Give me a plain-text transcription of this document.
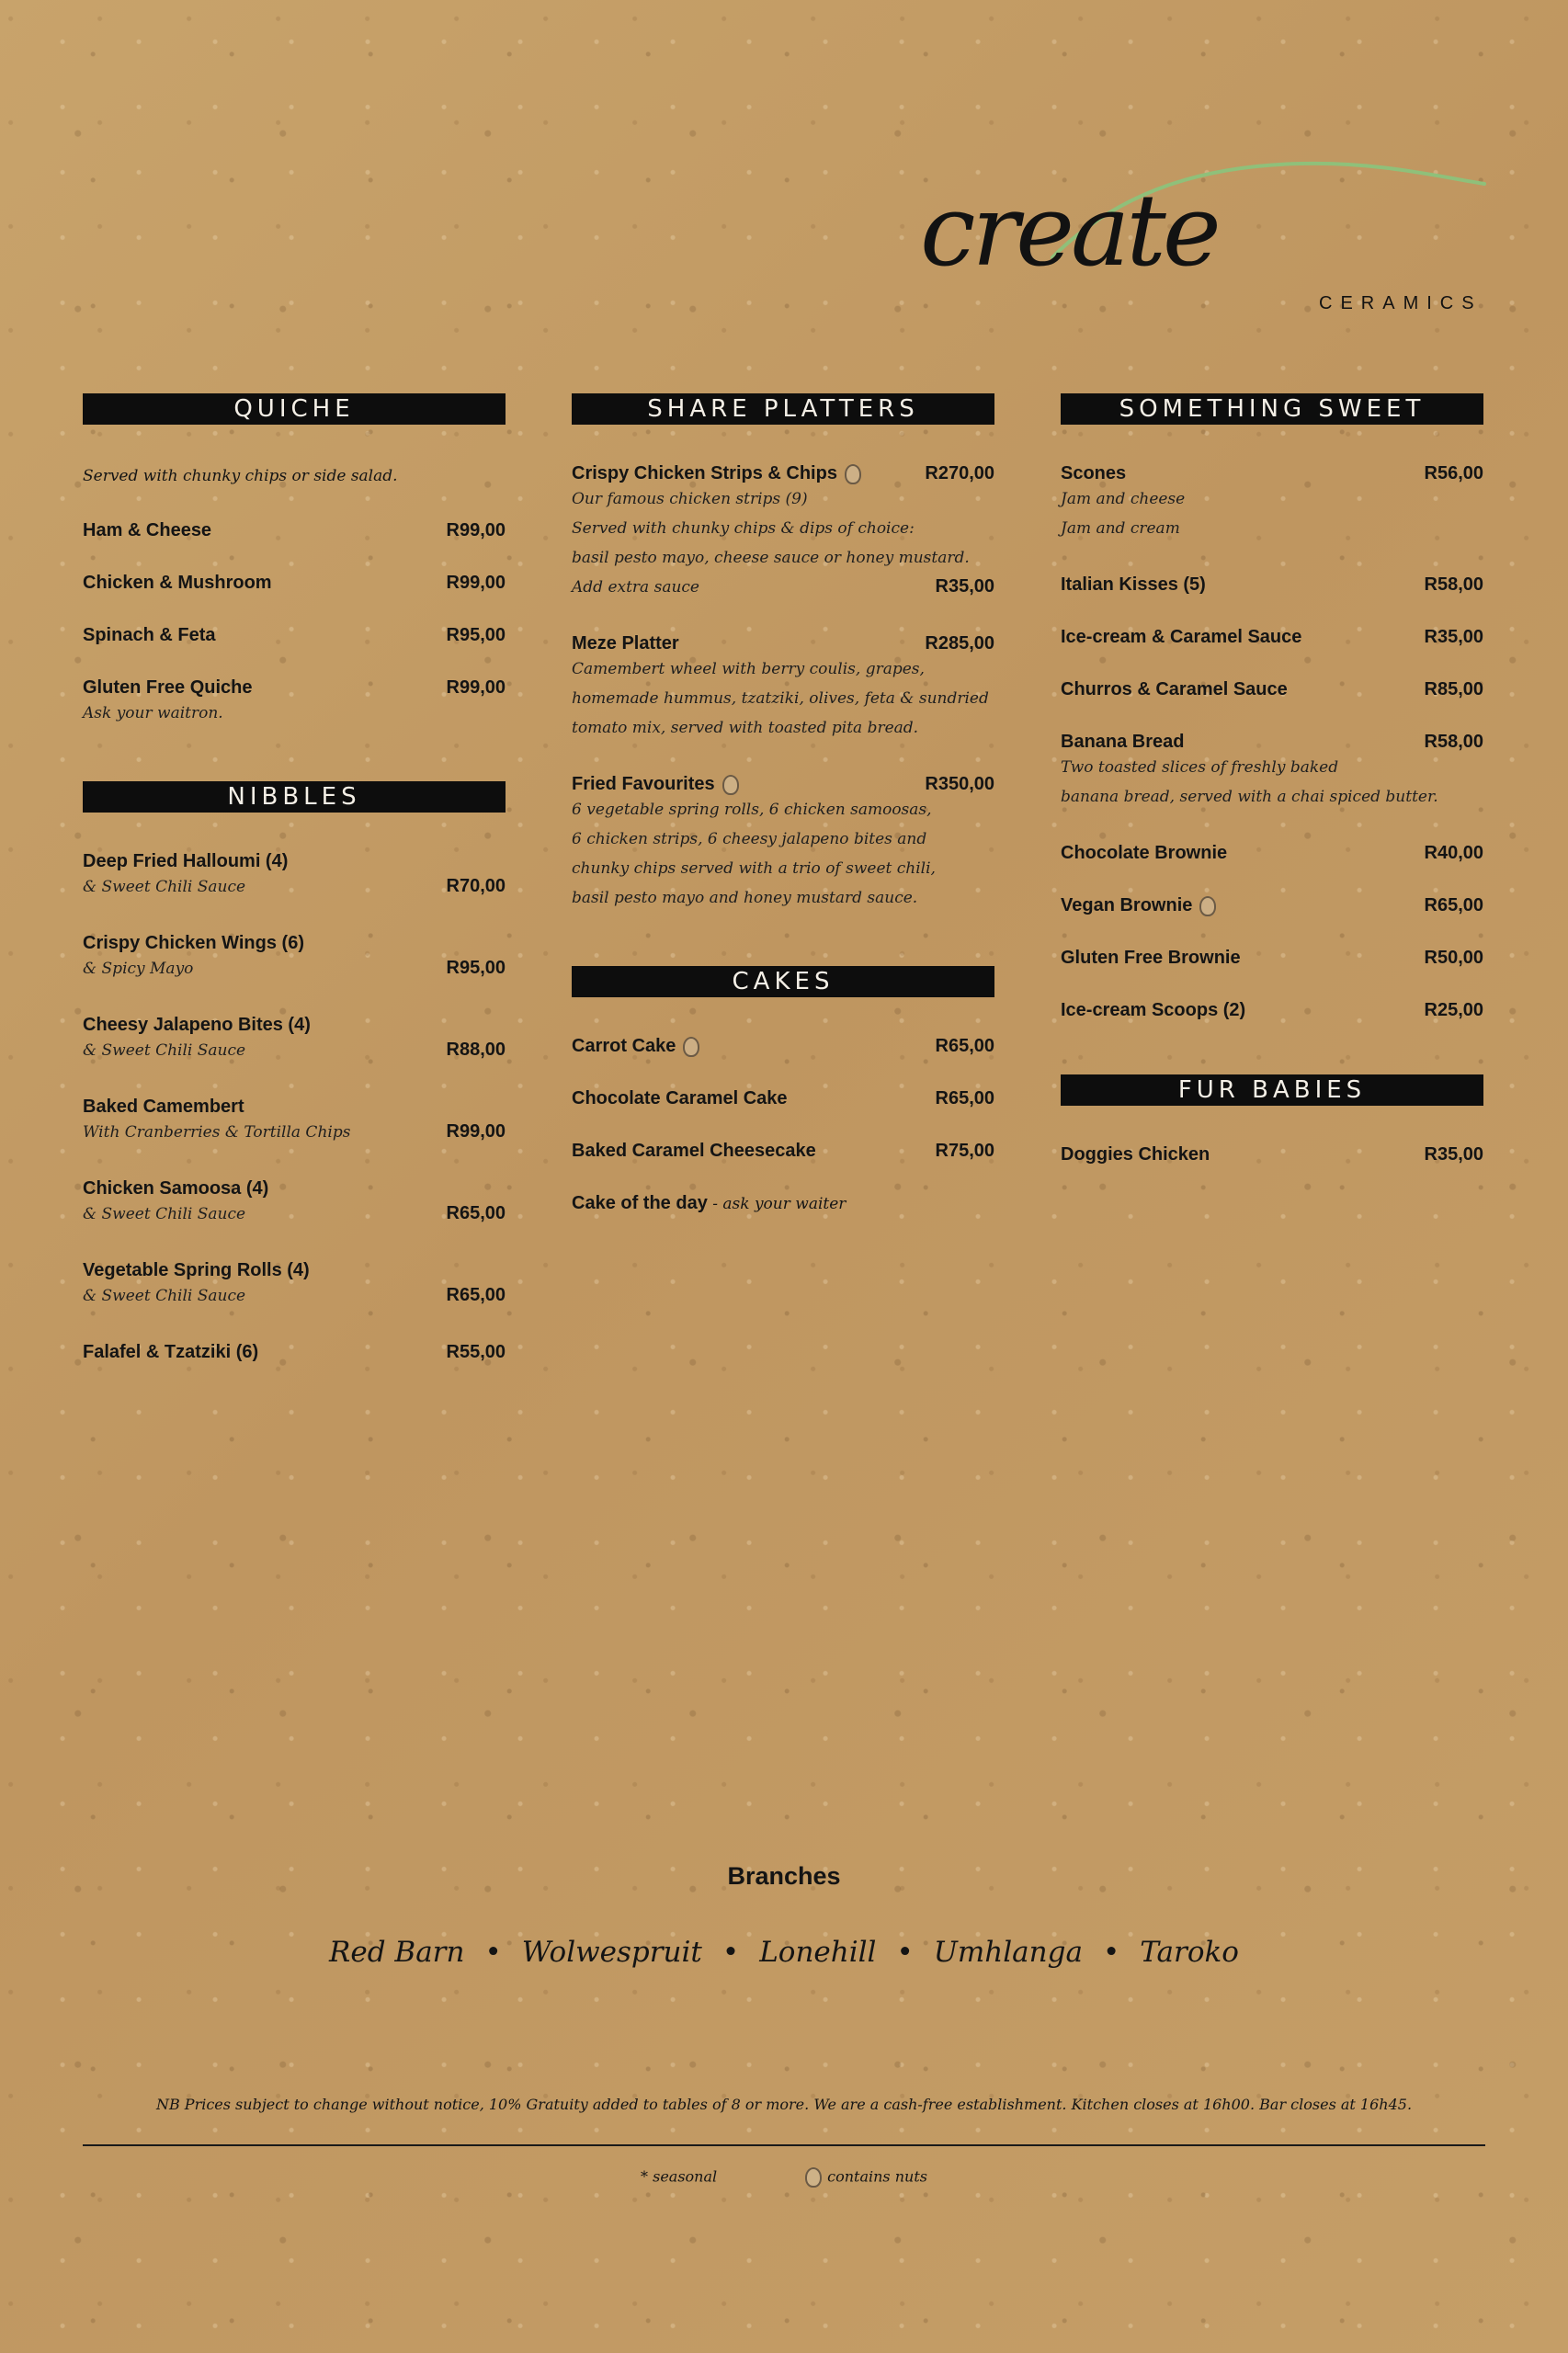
create
CERAMICS
QUICHE
Served with chunky chips or side salad.
Ham & Cheese	R99,00
Chicken & Mushroom	R99,00
Spinach & Feta	R95,00
Gluten Free Quiche	R99,00
Ask your waitron.
NIBBLES
Deep Fried Halloumi (4)
& Sweet Chili Sauce	R70,00
Crispy Chicken Wings (6)
& Spicy Mayo	R95,00
Cheesy Jalapeno Bites (4)
& Sweet Chili Sauce	R88,00
Baked Camembert
With Cranberries & Tortilla Chips	R99,00
Chicken Samoosa (4)
& Sweet Chili Sauce	R65,00
Vegetable Spring Rolls (4)
& Sweet Chili Sauce	R65,00
Falafel & Tzatziki (6)	R55,00
SHARE PLATTERS
Crispy Chicken Strips & Chips	R270,00
Our famous chicken strips (9)
Served with chunky chips & dips of choice:
basil pesto mayo, cheese sauce or honey mustard.
Add extra sauce	R35,00
Meze Platter	R285,00
Camembert wheel with berry coulis, grapes,
homemade hummus, tzatziki, olives, feta & sundried
tomato mix, served with toasted pita bread.
Fried Favourites	R350,00
6 vegetable spring rolls, 6 chicken samoosas,
6 chicken strips, 6 cheesy jalapeno bites and
chunky chips served with a trio of sweet chili,
basil pesto mayo and honey mustard sauce.
CAKES
Carrot Cake	R65,00
Chocolate Caramel Cake	R65,00
Baked Caramel Cheesecake	R75,00
Cake of the day - ask your waiter
SOMETHING SWEET
Scones	R56,00
Jam and cheese
Jam and cream
Italian Kisses (5)	R58,00
Ice-cream & Caramel Sauce	R35,00
Churros & Caramel Sauce	R85,00
Banana Bread	R58,00
Two toasted slices of freshly baked
banana bread, served with a chai spiced butter.
Chocolate Brownie	R40,00
Vegan Brownie	R65,00
Gluten Free Brownie	R50,00
Ice-cream Scoops (2)	R25,00
FUR BABIES
Doggies Chicken	R35,00
Branches
Red Barn • Wolwespruit • Lonehill • Umhlanga • Taroko
NB Prices subject to change without notice, 10% Gratuity added to tables of 8 or more. We are a cash-free establishment. Kitchen closes at 16h00. Bar closes at 16h45.
* seasonal	contains nuts
